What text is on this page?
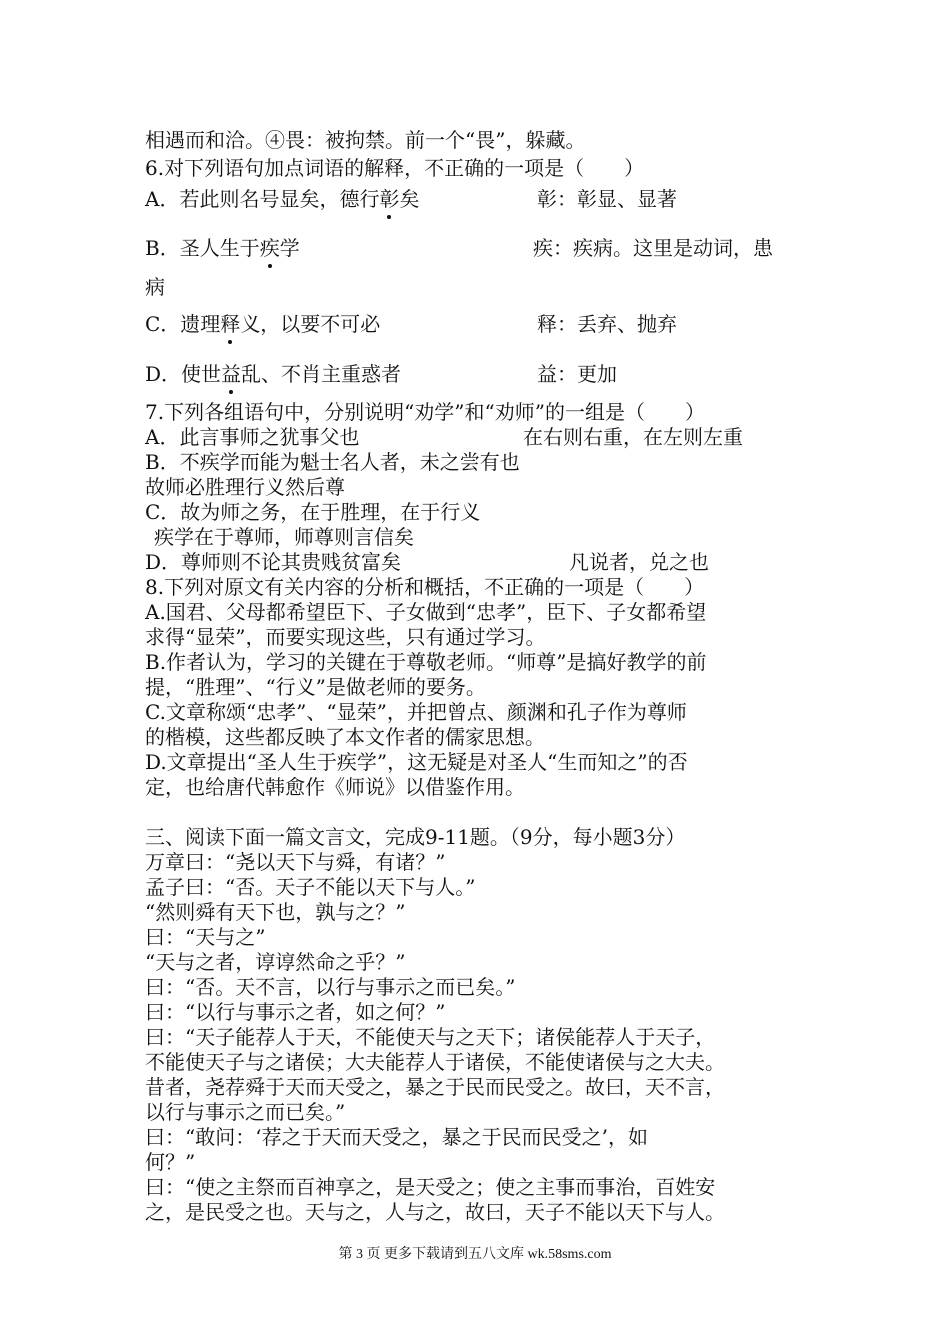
相遇而和洽。④畏：被拘禁。前一个“畏”，躲藏。
6.对下列语句加点词语的解释，不正确的一项是（　　）
A．若此则名号显矣，德行彰矣	彰：彰显、显著
B．圣人生于疾学	疾：疾病。这里是动词，患
病
C．遗理释义，以要不可必	释：丢弃、抛弃
D．使世益乱、不肖主重惑者	益：更加
7.下列各组语句中，分别说明“劝学”和“劝师”的一组是（　　）
A．此言事师之犹事父也	在右则右重，在左则左重
B．不疾学而能为魁士名人者，未之尝有也
故师必胜理行义然后尊
C．故为师之务，在于胜理，在于行义
疾学在于尊师，师尊则言信矣
D．尊师则不论其贵贱贫富矣	凡说者，兑之也
8.下列对原文有关内容的分析和概括，不正确的一项是（　　）
A.国君、父母都希望臣下、子女做到“忠孝”，臣下、子女都希望
求得“显荣”，而要实现这些，只有通过学习。
B.作者认为，学习的关键在于尊敬老师。“师尊”是搞好教学的前
提，“胜理”、“行义”是做老师的要务。
C.文章称颂“忠孝”、“显荣”，并把曾点、颜渊和孔子作为尊师
的楷模，这些都反映了本文作者的儒家思想。
D.文章提出“圣人生于疾学”，这无疑是对圣人“生而知之”的否
定，也给唐代韩愈作《师说》以借鉴作用。
三、阅读下面一篇文言文，完成9-11题。（9分，每小题3分）
万章曰：“尧以天下与舜，有诸？”
孟子曰：“否。天子不能以天下与人。”
“然则舜有天下也，孰与之？”
曰：“天与之”
“天与之者，谆谆然命之乎？”
曰：“否。天不言，以行与事示之而已矣。”
曰：“以行与事示之者，如之何？”
曰：“天子能荐人于天，不能使天与之天下；诸侯能荐人于天子，
不能使天子与之诸侯；大夫能荐人于诸侯，不能使诸侯与之大夫。
昔者，尧荐舜于天而天受之，暴之于民而民受之。故曰，天不言，
以行与事示之而已矣。”
曰：“敢问：‘荐之于天而天受之，暴之于民而民受之’，如
何？”
曰：“使之主祭而百神享之，是天受之；使之主事而事治，百姓安
之，是民受之也。天与之，人与之，故曰，天子不能以天下与人。
第 3 页 更多下载请到五八文库 wk.58sms.com
